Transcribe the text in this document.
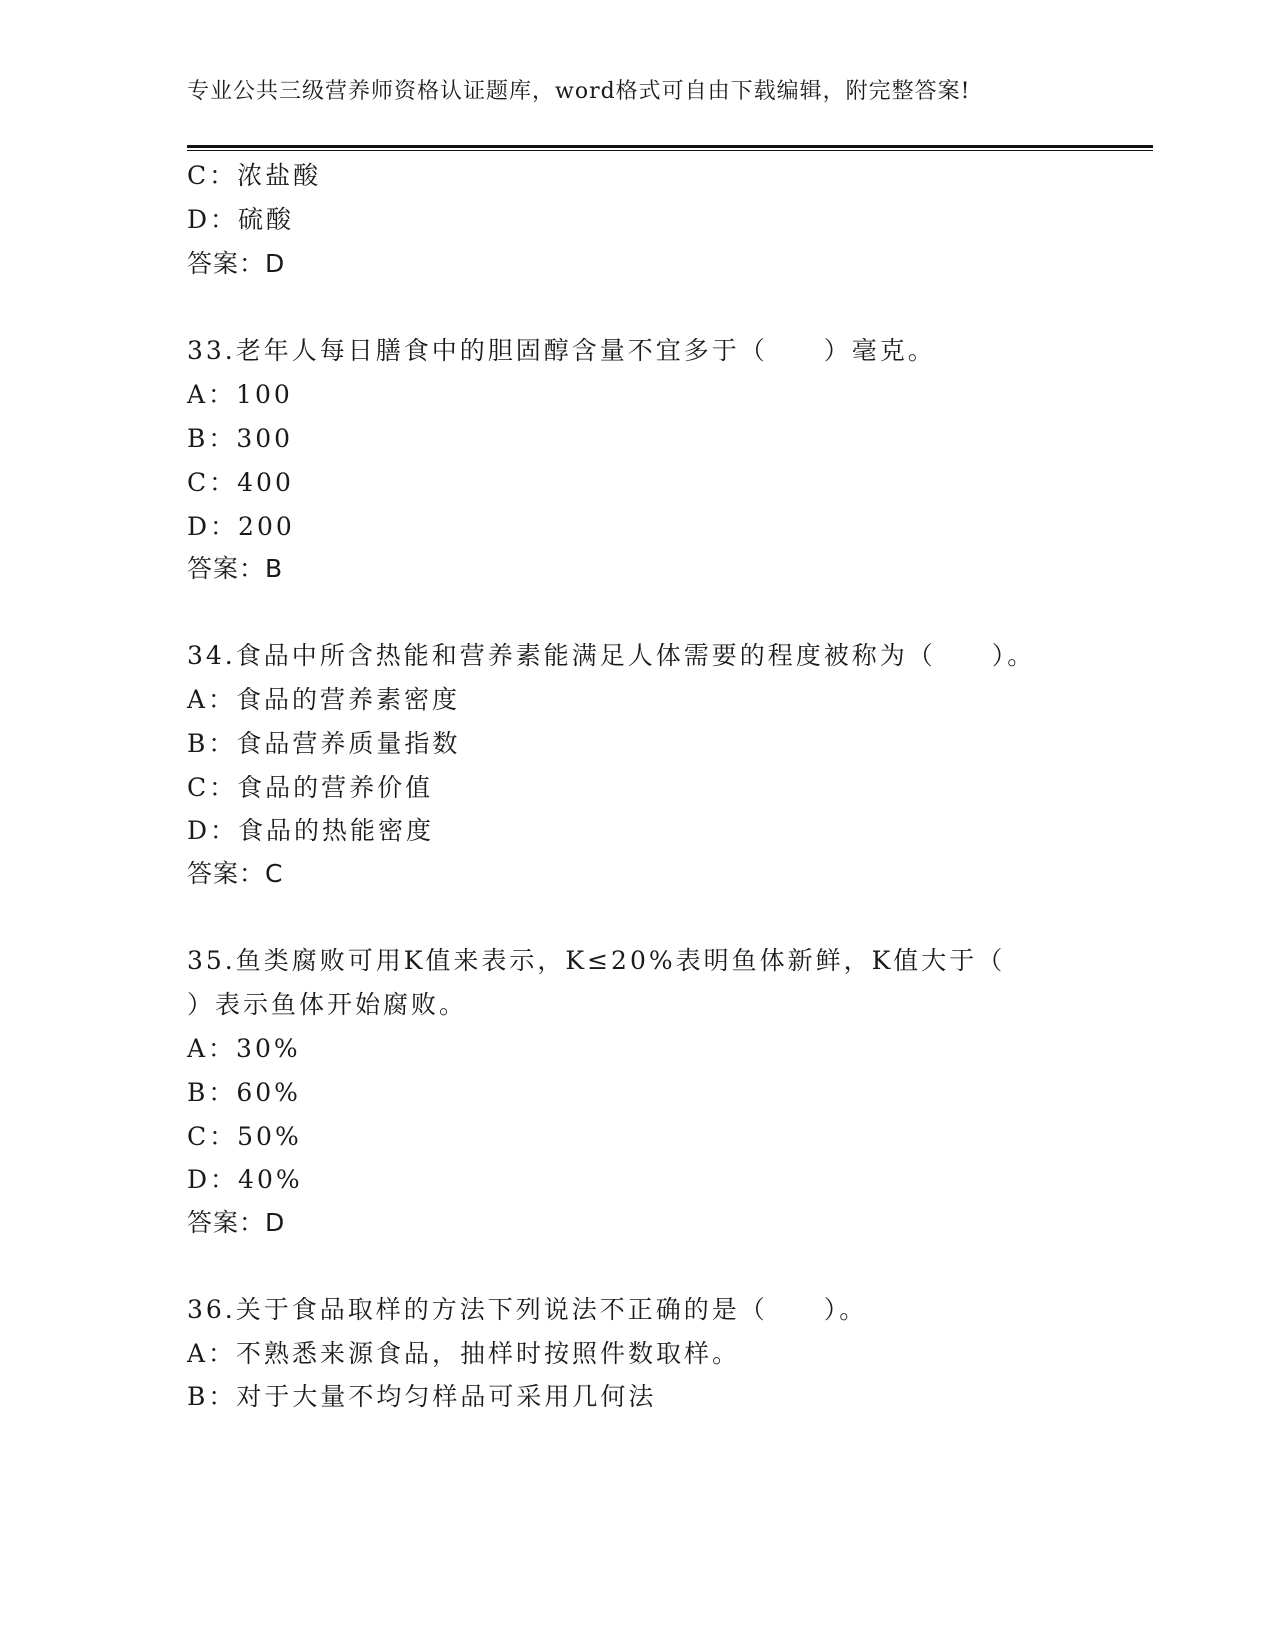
专业公共三级营养师资格认证题库，word格式可自由下载编辑，附完整答案!
C：浓盐酸
D：硫酸
答案：D
33.老年人每日膳食中的胆固醇含量不宜多于（　　）毫克。
A：100
B：300
C：400
D：200
答案：B
34.食品中所含热能和营养素能满足人体需要的程度被称为（　　）。
A：食品的营养素密度
B：食品营养质量指数
C：食品的营养价值
D：食品的热能密度
答案：C
35.鱼类腐败可用K值来表示，K≤20%表明鱼体新鲜，K值大于（
）表示鱼体开始腐败。
A：30%
B：60%
C：50%
D：40%
答案：D
36.关于食品取样的方法下列说法不正确的是（　　）。
A：不熟悉来源食品，抽样时按照件数取样。
B：对于大量不均匀样品可采用几何法
